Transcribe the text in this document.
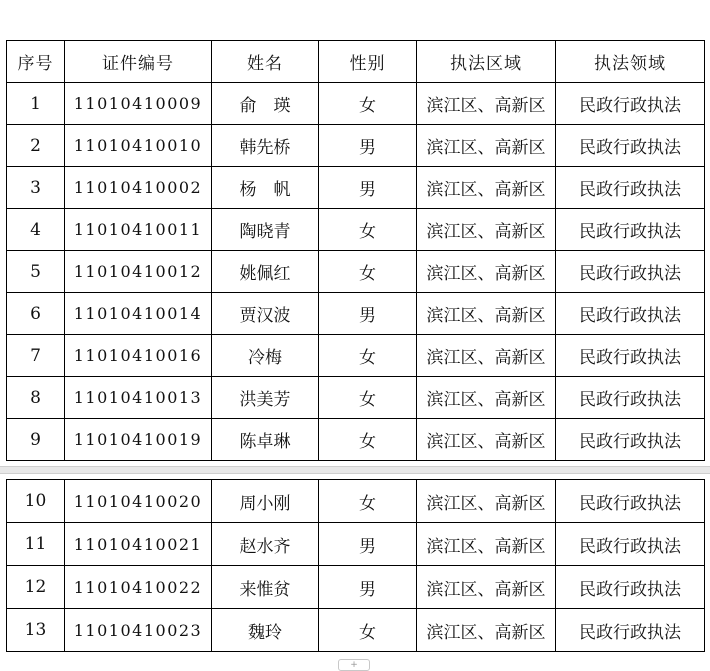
序号	证件编号	姓名	性别	执法区域	执法领域
1	11010410009	俞　瑛	女	滨江区、高新区	民政行政执法
2	11010410010	韩先桥	男	滨江区、高新区	民政行政执法
3	11010410002	杨　帆	男	滨江区、高新区	民政行政执法
4	11010410011	陶晓青	女	滨江区、高新区	民政行政执法
5	11010410012	姚佩红	女	滨江区、高新区	民政行政执法
6	11010410014	贾汉波	男	滨江区、高新区	民政行政执法
7	11010410016	冷梅	女	滨江区、高新区	民政行政执法
8	11010410013	洪美芳	女	滨江区、高新区	民政行政执法
9	11010410019	陈卓琳	女	滨江区、高新区	民政行政执法
10	11010410020	周小刚	女	滨江区、高新区	民政行政执法
11	11010410021	赵水齐	男	滨江区、高新区	民政行政执法
12	11010410022	来惟贫	男	滨江区、高新区	民政行政执法
13	11010410023	魏玲	女	滨江区、高新区	民政行政执法
+
